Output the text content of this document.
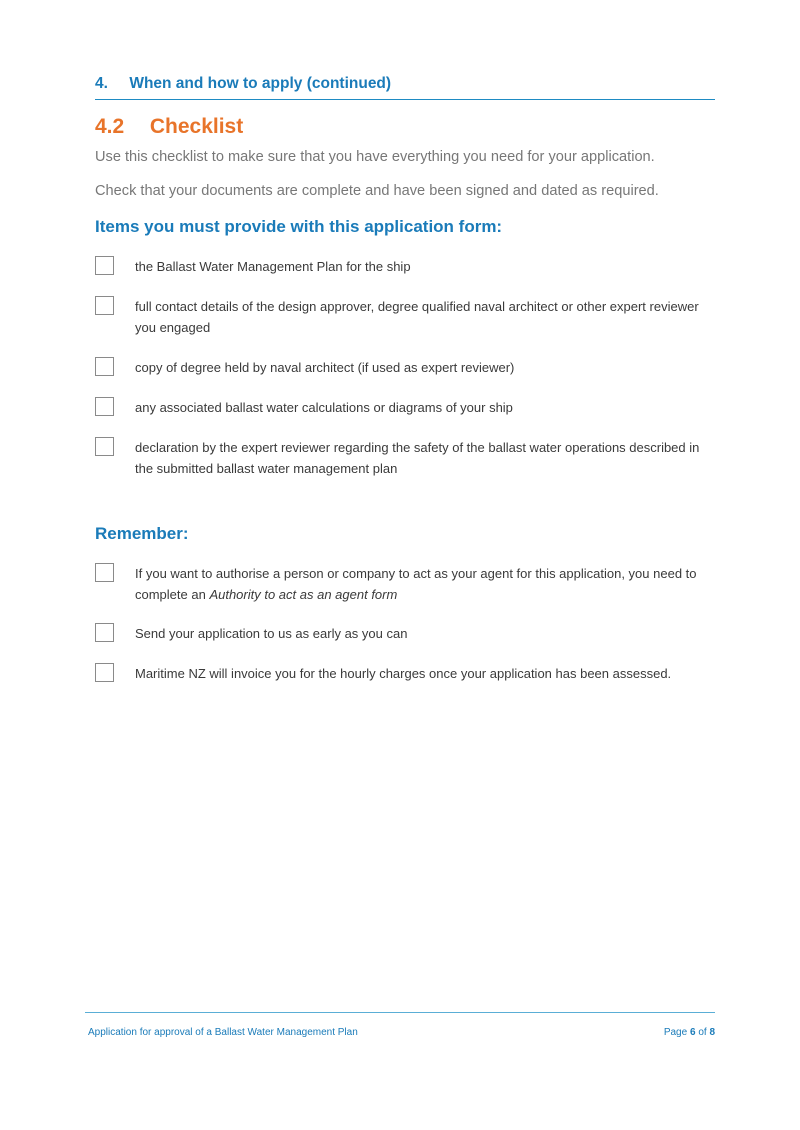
4. When and how to apply (continued)
4.2 Checklist
Use this checklist to make sure that you have everything you need for your application.
Check that your documents are complete and have been signed and dated as required.
Items you must provide with this application form:
the Ballast Water Management Plan for the ship
full contact details of the design approver, degree qualified naval architect or other expert reviewer you engaged
copy of degree held by naval architect (if used as expert reviewer)
any associated ballast water calculations or diagrams of your ship
declaration by the expert reviewer regarding the safety of the ballast water operations described in the submitted ballast water management plan
Remember:
If you want to authorise a person or company to act as your agent for this application, you need to complete an Authority to act as an agent form
Send your application to us as early as you can
Maritime NZ will invoice you for the hourly charges once your application has been assessed.
Application for approval of a Ballast Water Management Plan	Page 6 of 8
